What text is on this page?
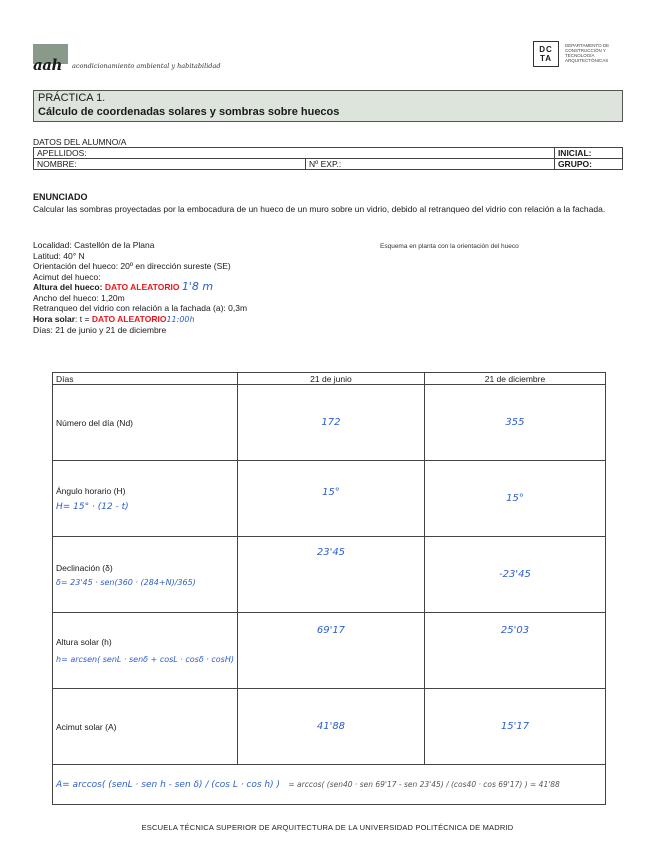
aah acondicionamiento ambiental y habitabilidad
DC TA
DEPARTAMENTO DE CONSTRUCCIÓN Y TECNOLOGÍA ARQUITECTÓNICAS
PRÁCTICA 1.
Cálculo de coordenadas solares y sombras sobre huecos
DATOS DEL ALUMNO/A
APELLIDOS:		INICIAL:
NOMBRE:	Nº EXP.:	GRUPO:
ENUNCIADO
Calcular las sombras proyectadas por la embocadura de un hueco de un muro sobre un vidrio, debido al retranqueo del vidrio con relación a la fachada.
Localidad: Castellón de la Plana
Latitud: 40° N
Orientación del hueco: 20º en dirección sureste (SE)
Acimut del hueco:
Altura del hueco: DATO ALEATORIO 1'8 m
Ancho del hueco: 1,20m
Retranqueo del vidrio con relación a la fachada (a): 0,3m
Hora solar: t = DATO ALEATORIO11:00h
Días: 21 de junio y 21 de diciembre
Esquema en planta con la orientación del hueco
Días	21 de junio	21 de diciembre
Número del día (Nd)	172	355

Ángulo horario (H)
H= 15° · (12 - t)	15°	15°

Declinación (δ)
δ= 23'45 · sen(360 · (284+N)/365)	23'45	-23'45

Altura solar (h)
h= arcsen( senL · senδ + cosL · cosδ · cosH)	69'17	25'03
Acimut solar (A)	41'88	15'17
A= arccos( (senL · sen h - sen δ) / (cos L · cos h) ) = arccos( (sen40 · sen 69'17 - sen 23'45) / (cos40 · cos 69'17) ) = 41'88		
ESCUELA TÉCNICA SUPERIOR DE ARQUITECTURA DE LA UNIVERSIDAD POLITÉCNICA DE MADRID
